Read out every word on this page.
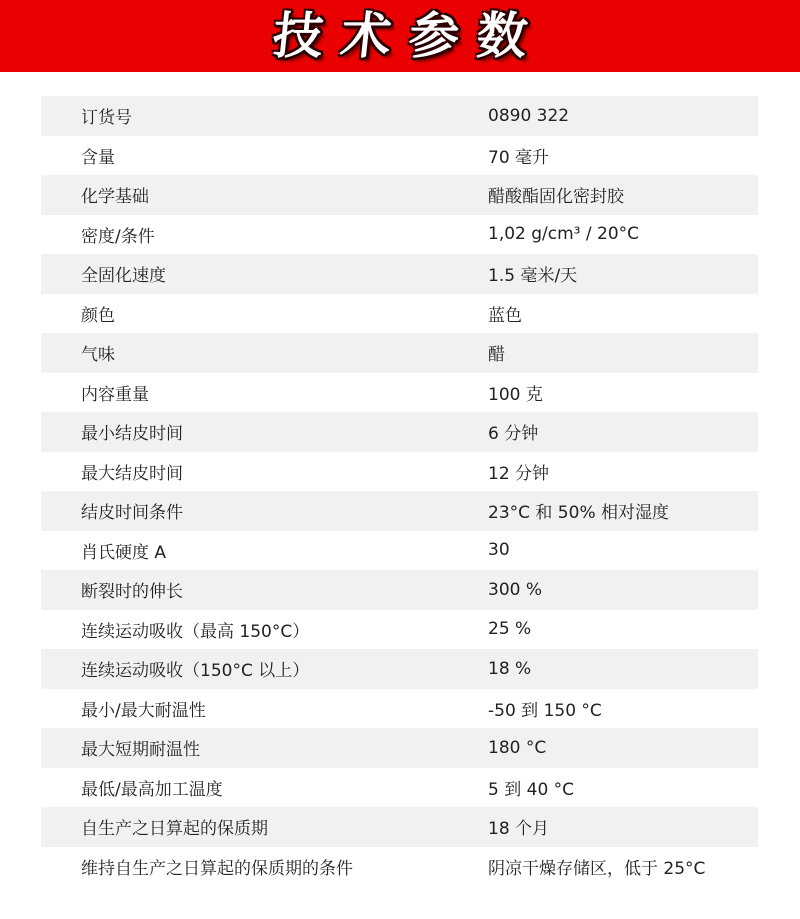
技术参数
订货号	0890 322
含量	70 毫升
化学基础	醋酸酯固化密封胶
密度/条件	1,02 g/cm³ / 20°C
全固化速度	1.5 毫米/天
颜色	蓝色
气味	醋
内容重量	100 克
最小结皮时间	6 分钟
最大结皮时间	12 分钟
结皮时间条件	23°C 和 50% 相对湿度
肖氏硬度 A	30
断裂时的伸长	300 %
连续运动吸收（最高 150°C）	25 %
连续运动吸收（150°C 以上）	18 %
最小/最大耐温性	-50 到 150 °C
最大短期耐温性	180 °C
最低/最高加工温度	5 到 40 °C
自生产之日算起的保质期	18 个月
维持自生产之日算起的保质期的条件	阴凉干燥存储区，低于 25°C
